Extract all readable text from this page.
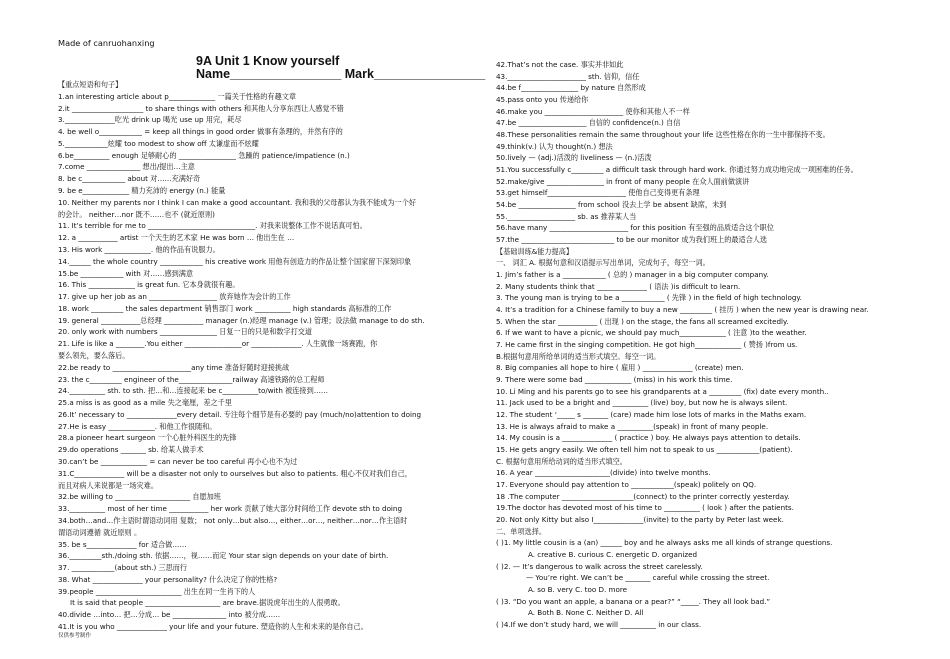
Made of canruohanxing
9A Unit 1 Know yourself
Name________________ Mark________________
【重点短语和句子】
1.an interesting article about p_____________ 一篇关于性格的有趣文章
2.it ____________________ to share things with others 和其他人分享东西让人感觉不错
3.______________吃光 drink up 喝光 use up 用完，耗尽
4. be well o____________ = keep all things in good order 做事有条理的，井然有序的
5.____________炫耀 too modest to show off 太谦虚而不炫耀
6.be__________ enough 足够耐心的 ________________ 急躁的 patience/impatience (n.)
7.come _______________ 想出/提出…主意
8. be c____________ about 对……充满好奇
9. be e_____________ 精力充沛的 energy (n.) 能量
10. Neither my parents nor I think I can make a good accountant. 我和我的父母都认为我不能成为一个好
的会计。 neither…nor 既不……也不 (就近原则)
11. It’s terrible for me to ______________________________. 对我来说整体工作不说话真可怕。
12. a ___________ artist 一个天生的艺术家 He was born … 他出生在 …
13. His work _____________. 他的作品有说服力。
14.______ the whole country ____________ his creative work 用他有创造力的作品让整个国家留下深刻印象
15.be ____________ with 对……感到满意
16. This _____________ is great fun. 它本身就很有趣。
17. give up her job as an ___________________ 放弃她作为会计的工作
18. work _________ the sales department 销售部门 work __________ high standards 高标准的工作
19. general ___________总经理 ___________ manager (n.)经理 manage (v.) 管理；设法做 manage to do sth.
20. only work with numbers ________________ 日复一日的只是和数字打交道
21. Life is like a ________.You either ________________or ______________. 人生就像一场赛跑，你
要么领先，要么落后。
22.be ready to ______________________any time 准备好随时迎接挑战
23. the c_________ engineer of the_______________railway 高速铁路的总工程师
24.__________ sth. to sth. 把…和…连接起来 be c__________to/with 被连接到……
25.a miss is as good as a mile 失之毫厘，差之千里
26.It’ necessary to ______________every detail. 专注每个细节是有必要的 pay (much/no)attention to doing
27.He is easy _____________. 和他工作很随和。
28.a pioneer heart surgeon 一个心脏外科医生的先锋
29.do operations _______ sb. 给某人做手术
30.can’t be _____________ = can never be too careful 再小心也不为过
31.C______________ will be a disaster not only to ourselves but also to patients. 粗心不仅对我们自己，
而且对病人来说都是一场灾难。
32.be willing to _____________________ 自愿加班
33.__________ most of her time ___________ her work 贡献了她大部分时间给工作 devote sth to doing
34.both…and…作主语时谓语动词用 复数； not only…but also…, either…or…, neither…nor…作主语时
谓语动词遵循 就近原则 。
35. be s______________ for 适合做……
36._________sth./doing sth. 依据……，视……而定 Your star sign depends on your date of birth.
37. ____________(about sth.) 三思而行
38. What ______________ your personality? 什么决定了你的性格?
39.people ________________________ 出生在同一生肖下的人
It is said that people _____________________ are brave.据说虎年出生的人很勇敢。
40.divide …into… 把…分成… be _______________ into 被分成……
41.It is you who ______________ your life and your future. 塑造你的人生和未来的是你自己。
42.That’s not the case. 事实并非如此
43.______________________ sth. 信仰，信任
44.be f________________ by nature 自然形成
45.pass onto you 传递给你
46.make you ______________________ 使你和其他人不一样
47.be ___________________ 自信的 confidence(n.) 自信
48.These personalities remain the same throughout your life 这些性格在你的一生中都保持不变。
49.think(v.) 认为 thought(n.) 想法
50.lively — (adj.)活泼的 liveliness — (n.)活泼
51.You successfully c_________ a difficult task through hard work. 你通过努力成功地完成一项困难的任务。
52.make/give ________________ in front of many people 在众人面前做演讲
53.get himself______________________ 使他自己变得更有条理
54.be ________________ from school 没去上学 be absent 缺席，未到
55.___________________ sb. as 推荐某人当
56.have many ______________________ for this position 有至强的品质适合这个职位
57.the __________________________ to be our monitor 成为我们班上的最适合人选
【基础训练&能力提高】
一、 词汇 A. 根据句意和汉语提示写出单词，完成句子，每空一词。
1. Jim’s father is a ____________ ( 总的 ) manager in a big computer company.
2. Many students think that ______________ ( 语法 )is difficult to learn.
3. The young man is trying to be a ____________ ( 先锋 ) in the field of high technology.
4. It’s a tradition for a Chinese family to buy a new _________ ( 挂历 ) when the new year is drawing near.
5. When the star ___________ ( 出现 ) on the stage, the fans all screamed excitedly.
6. If we want to have a picnic, we should pay much_____________ ( 注意 )to the weather.
7. He came first in the singing competition. He got high_____________ ( 赞扬 )from us.
B.根据句意用所给单词的适当形式填空。每空一词。
8. Big companies all hope to hire ( 雇用 ) ______________ (create) men.
9. There were some bad _____________ (miss) in his work this time.
10. Li Ming and his parents go to see his grandparents at a _________ (fix) date every month..
11. Jack used to be a bright and __________ (live) boy, but now he is always silent.
12. The student ‘_____ s _______ (care) made him lose lots of marks in the Maths exam.
13. He is always afraid to make a __________(speak) in front of many people.
14. My cousin is a ______________ ( practice ) boy. He always pays attention to details.
15. He gets angry easily. We often tell him not to speak to us ____________(patient).
C. 根据句意用所给动词的适当形式填空。
16. A year _____________________(divide) into twelve months.
17. Everyone should pay attention to ____________(speak) politely on QQ.
18 .The computer ____________________(connect) to the printer correctly yesterday.
19.The doctor has devoted most of his time to __________ ( look ) after the patients.
20. Not only Kitty but also I______________(invite) to the party by Peter last week.
二、单项选择。
( )1. My little cousin is a (an) ______ boy and he always asks me all kinds of strange questions.
A. creative B. curious C. energetic D. organized
( )2. — It’s dangerous to walk across the street carelessly.
— You’re right. We can’t be _______ careful while crossing the street.
A. so B. very C. too D. more
( )3. “Do you want an apple, a banana or a pear?” “_____. They all look bad.”
A. Both B. None C. Neither D. All
( )4.If we don’t study hard, we will __________ in our class.
仅供参考制作
